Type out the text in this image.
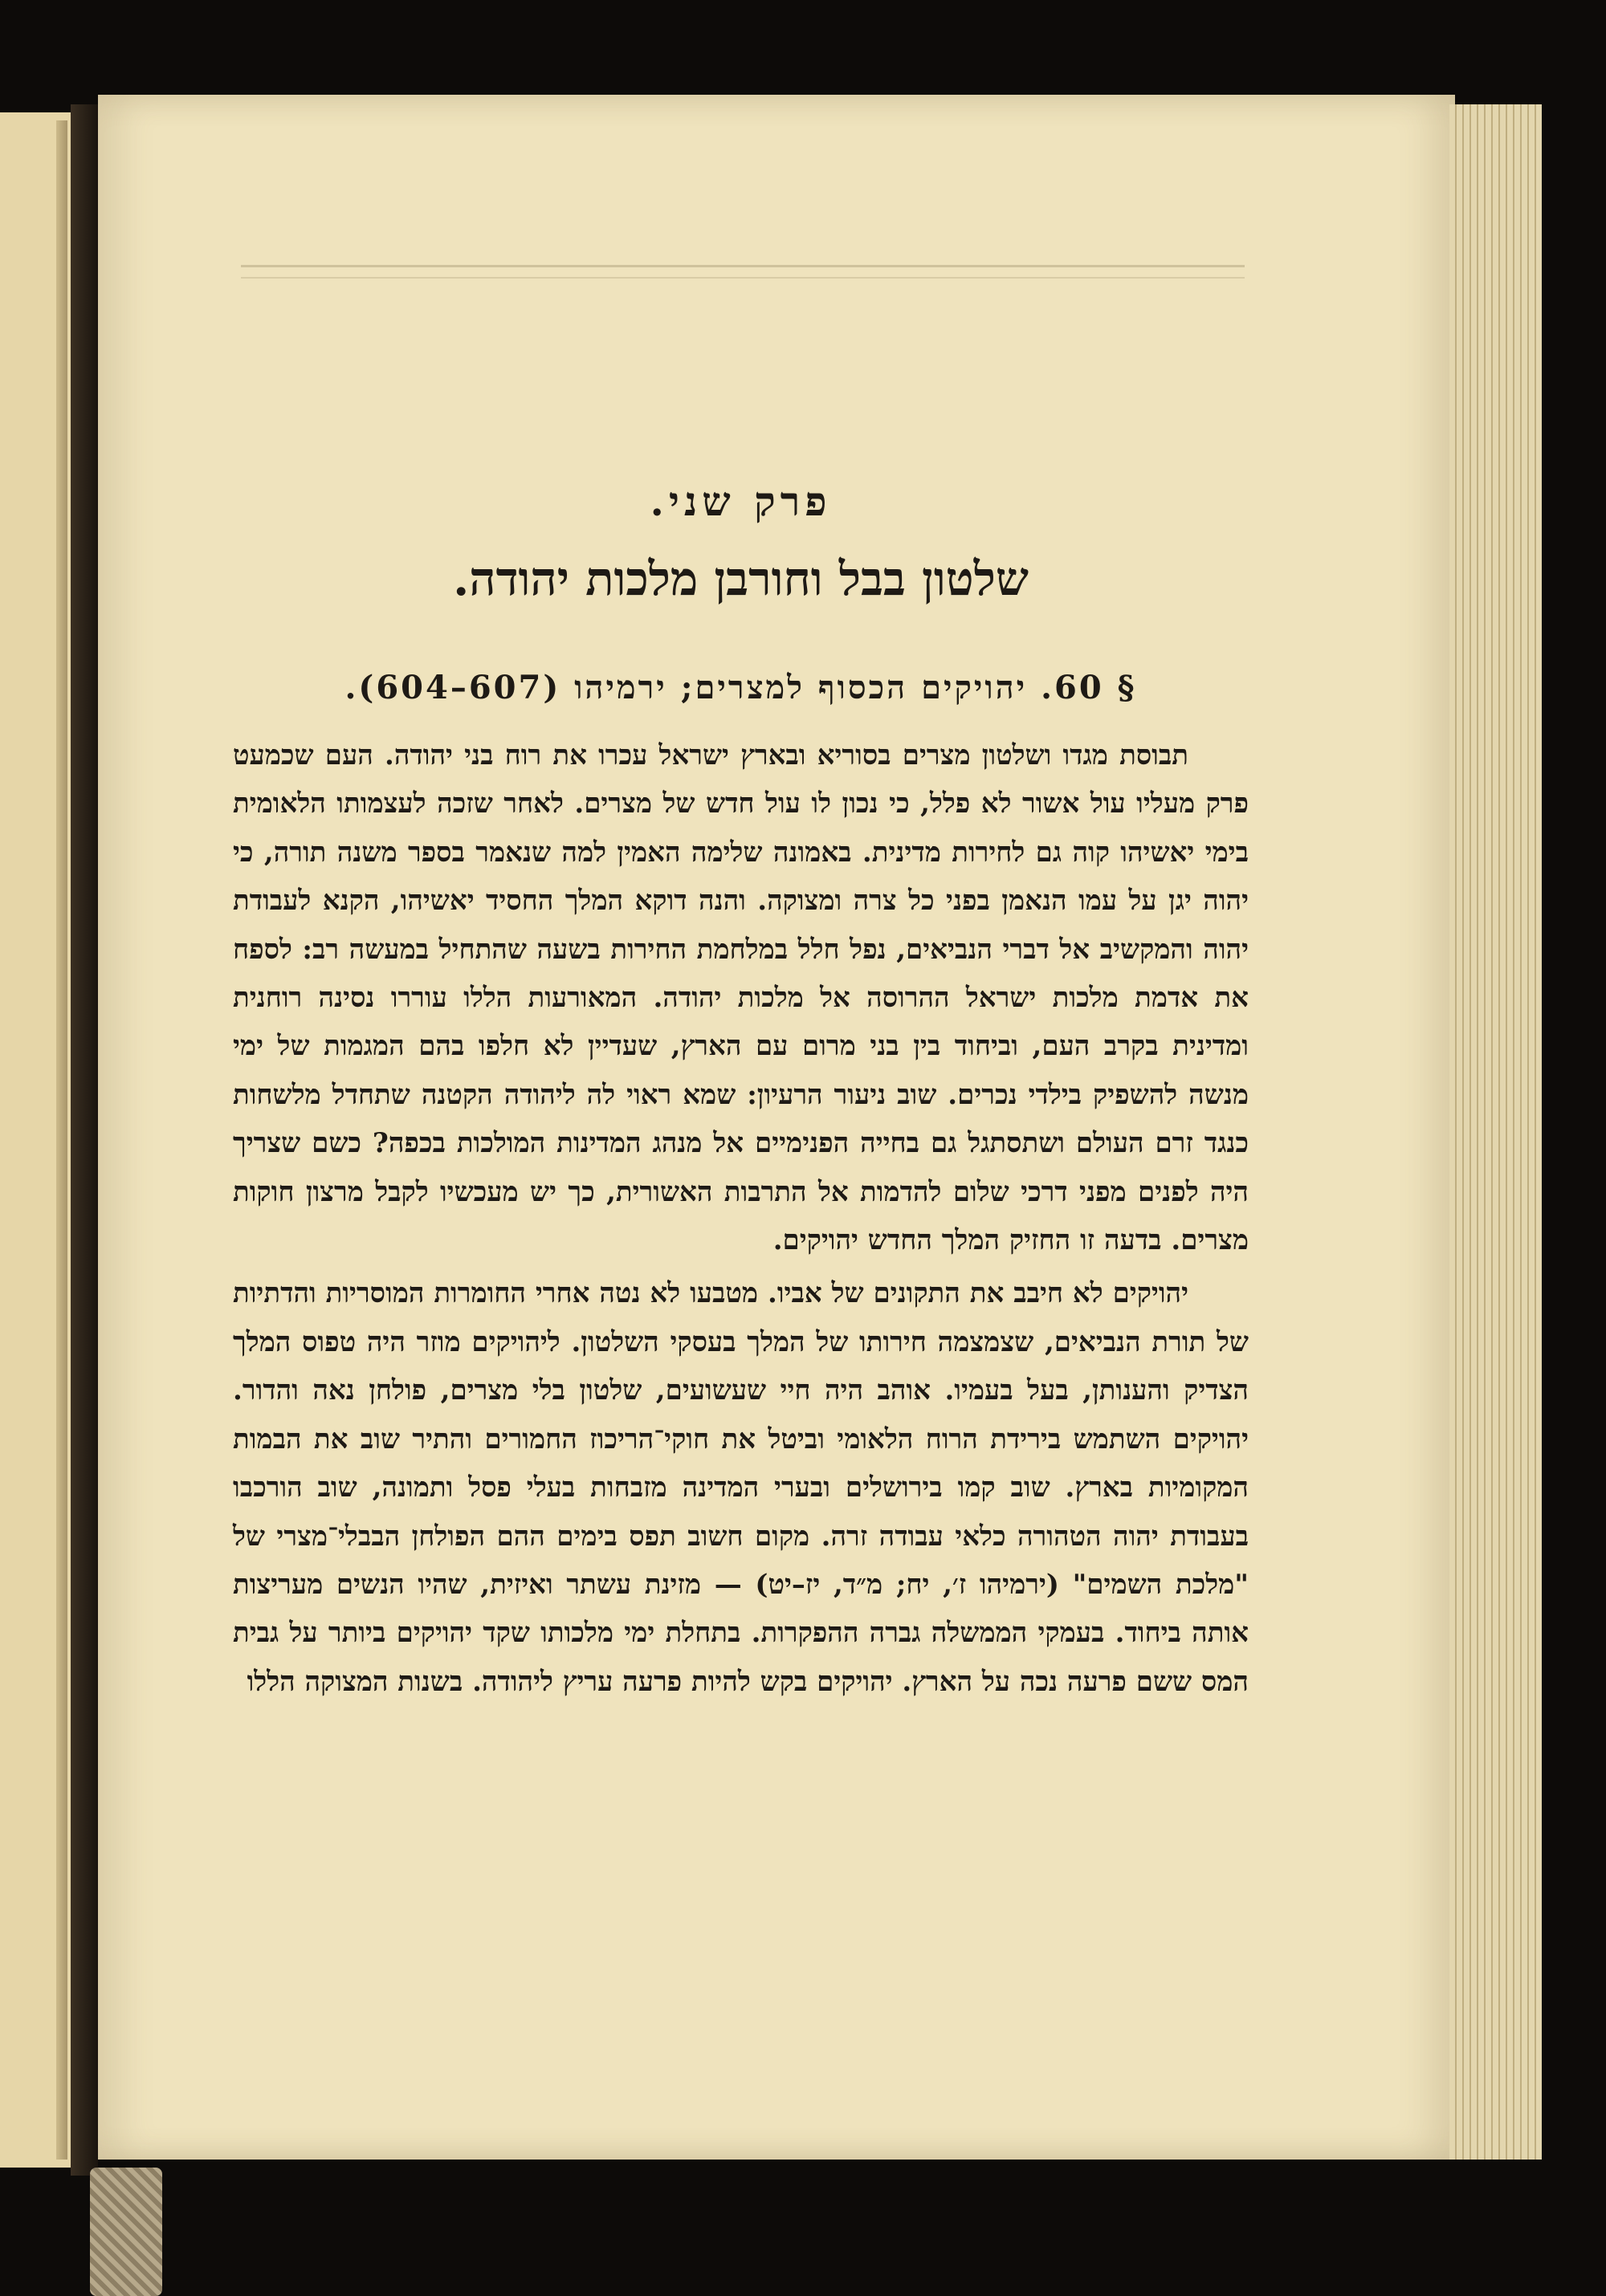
פרק שני.
שלטון בבל וחורבן מלכות יהודה.
§ 60. יהויקים הכסוף למצרים; ירמיהו (607–604).

תבוסת מגדו ושלטון מצרים בסוריא ובארץ ישראל עכרו את רוח בני יהודה. העם שכמעט פרק מעליו עול אשור לא פלל, כי נכון לו עול חדש של מצרים. לאחר שזכה לעצמותו הלאומית בימי יאשיהו קוה גם לחירות מדינית. באמונה שלימה האמין למה שנאמר בספר משנה תורה, כי יהוה יגן על עמו הנאמן בפני כל צרה ומצוקה. והנה דוקא המלך החסיד יאשיהו, הקנא לעבודת יהוה והמקשיב אל דברי הנביאים, נפל חלל במלחמת החירות בשעה שהתחיל במעשה רב: לספח את אדמת מלכות ישראל ההרוסה אל מלכות יהודה. המאורעות הללו עוררו נסינה רוחנית ומדינית בקרב העם, וביחוד בין בני מרום עם הארץ, שעדיין לא חלפו בהם המגמות של ימי מנשה להשפיק בילדי נכרים. שוב ניעור הרעיון: שמא ראוי לה ליהודה הקטנה שתחדל מלשחות כנגד זרם העולם ושתסתגל גם בחייה הפנימיים אל מנהג המדינות המולכות בכפה? כשם שצריך היה לפנים מפני דרכי שלום להדמות אל התרבות האשורית, כך יש מעכשיו לקבל מרצון חוקות מצרים. בדעה זו החזיק המלך החדש יהויקים.

יהויקים לא חיבב את התקונים של אביו. מטבעו לא נטה אחרי החומרות המוסריות והדתיות של תורת הנביאים, שצמצמה חירותו של המלך בעסקי השלטון. ליהויקים מוזר היה טפוס המלך הצדיק והענותן, בעל בעמיו. אוהב היה חיי שעשועים, שלטון בלי מצרים, פולחן נאה והדור. יהויקים השתמש בירידת הרוח הלאומי וביטל את חוקי־הריכוז החמורים והתיר שוב את הבמות המקומיות בארץ. שוב קמו בירושלים ובערי המדינה מזבחות בעלי פסל ותמונה, שוב הורכבו בעבודת יהוה הטהורה כלאי עבודה זרה. מקום חשוב תפס בימים ההם הפולחן הבבלי־מצרי של "מלכת השמים" (ירמיהו ז׳, יח; מ״ד, יז–יט) — מזינת עשתר ואיזית, שהיו הנשים מעריצות אותה ביחוד. בעמקי הממשלה גברה ההפקרות. בתחלת ימי מלכותו שקד יהויקים ביותר על גבית המס ששם פרעה נכה על הארץ. יהויקים בקש להיות פרעה עריץ ליהודה. בשנות המצוקה הללו
